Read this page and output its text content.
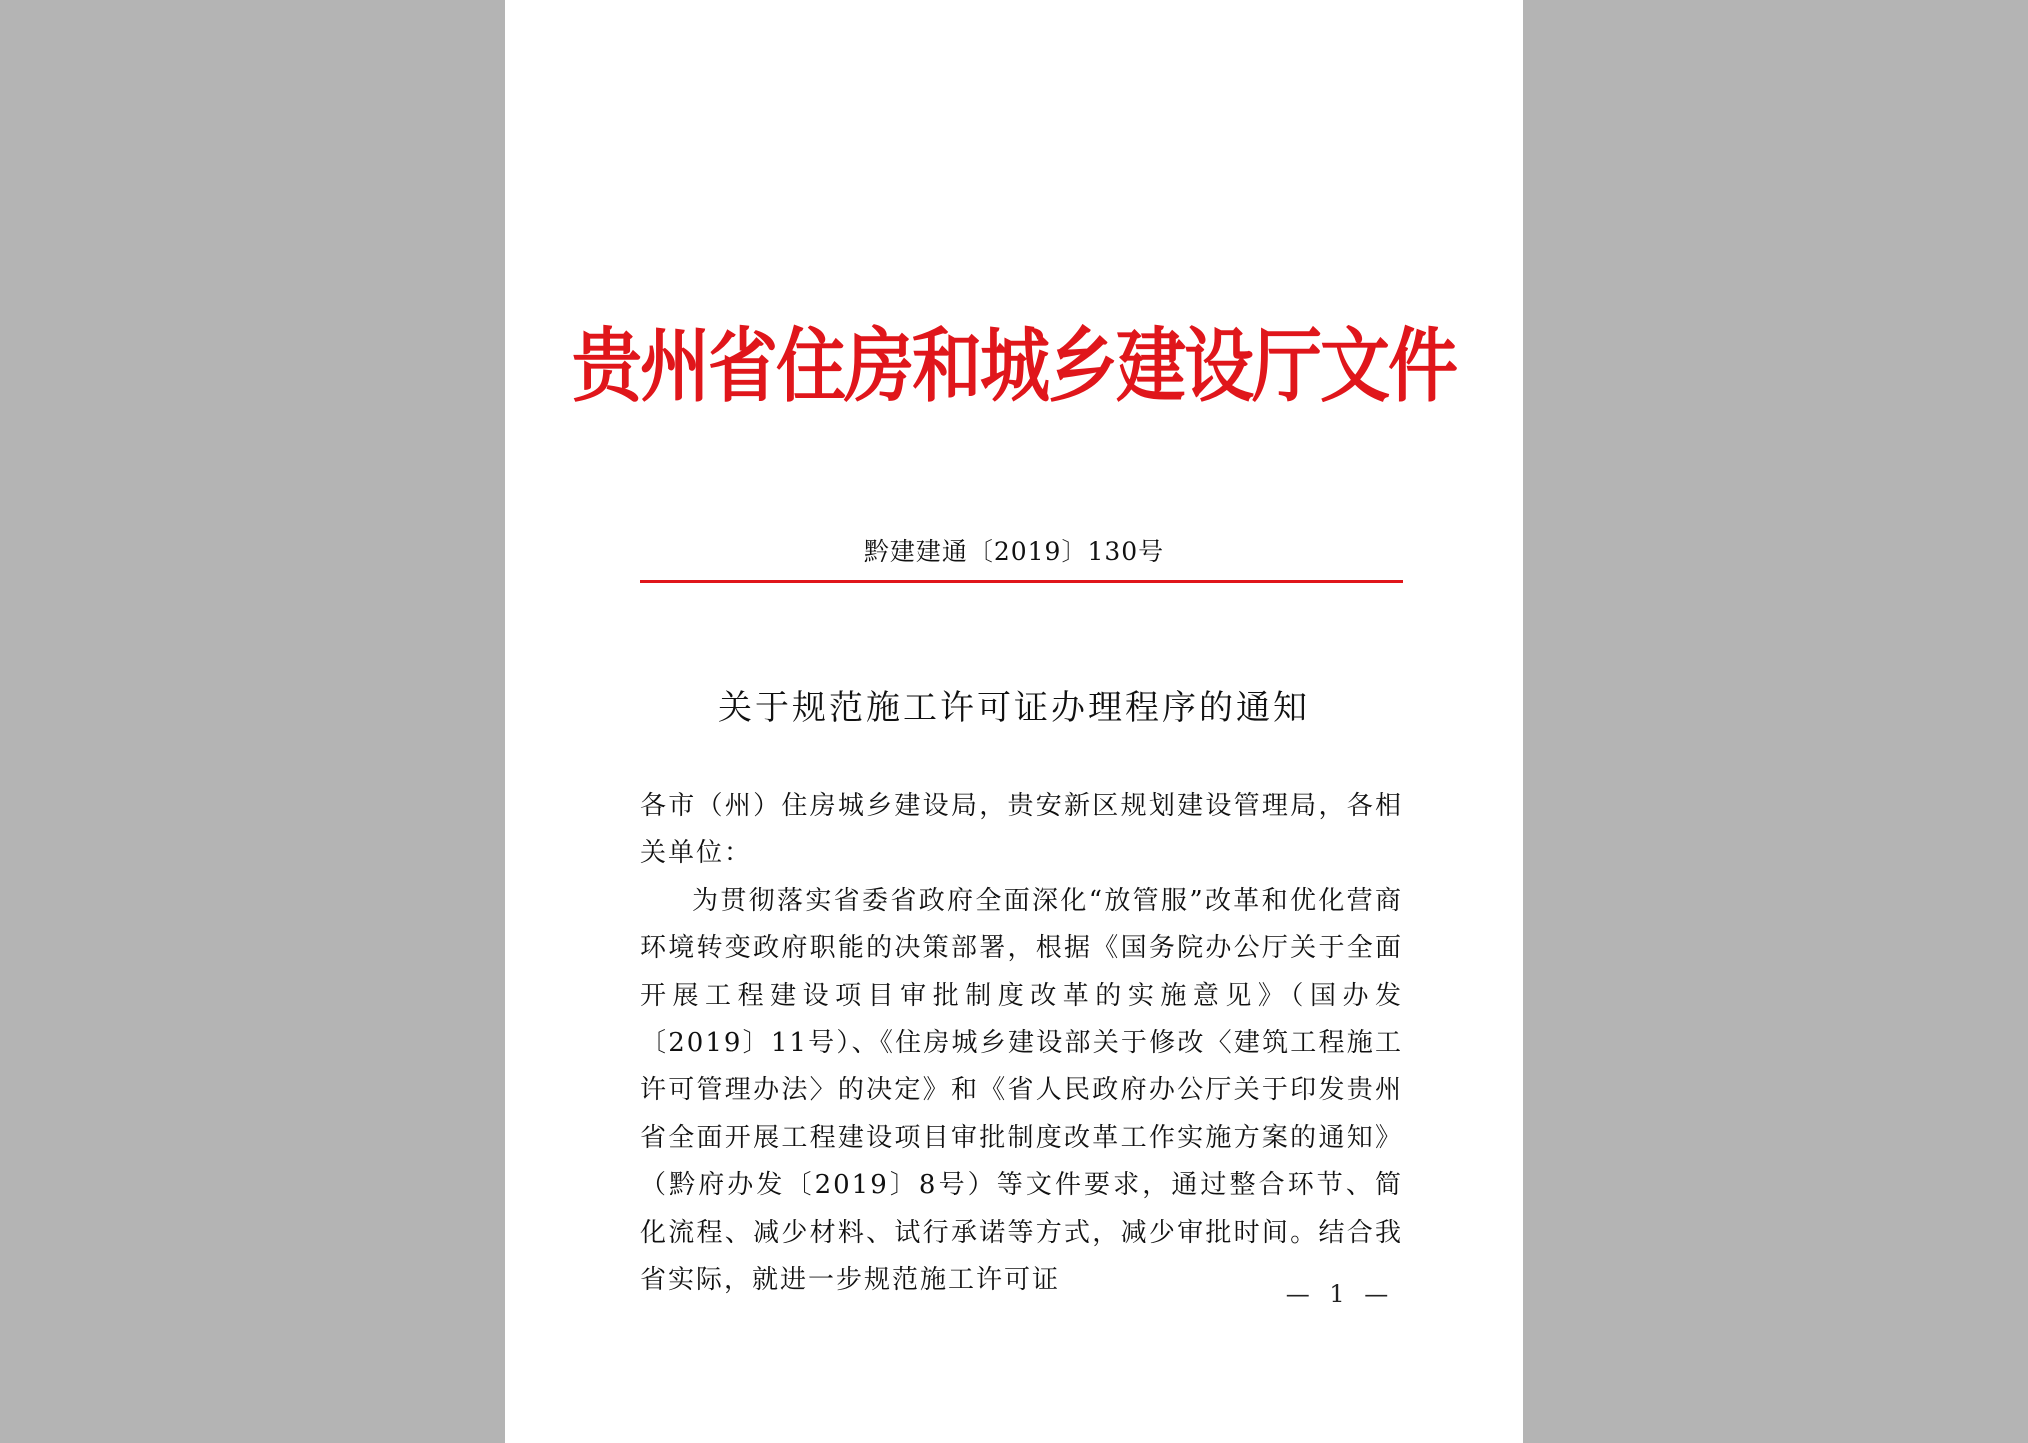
贵州省住房和城乡建设厅文件
黔建建通〔2019〕130号
关于规范施工许可证办理程序的通知

各市（州）住房城乡建设局，贵安新区规划建设管理局，各相关单位：

为贯彻落实省委省政府全面深化“放管服”改革和优化营商环境转变政府职能的决策部署，根据《国务院办公厅关于全面开展工程建设项目审批制度改革的实施意见》（国办发〔2019〕11号）、《住房城乡建设部关于修改〈建筑工程施工许可管理办法〉的决定》和《省人民政府办公厅关于印发贵州省全面开展工程建设项目审批制度改革工作实施方案的通知》（黔府办发〔2019〕8号）等文件要求，通过整合环节、简化流程、减少材料、试行承诺等方式，减少审批时间。结合我省实际，就进一步规范施工许可证	— 1 —
